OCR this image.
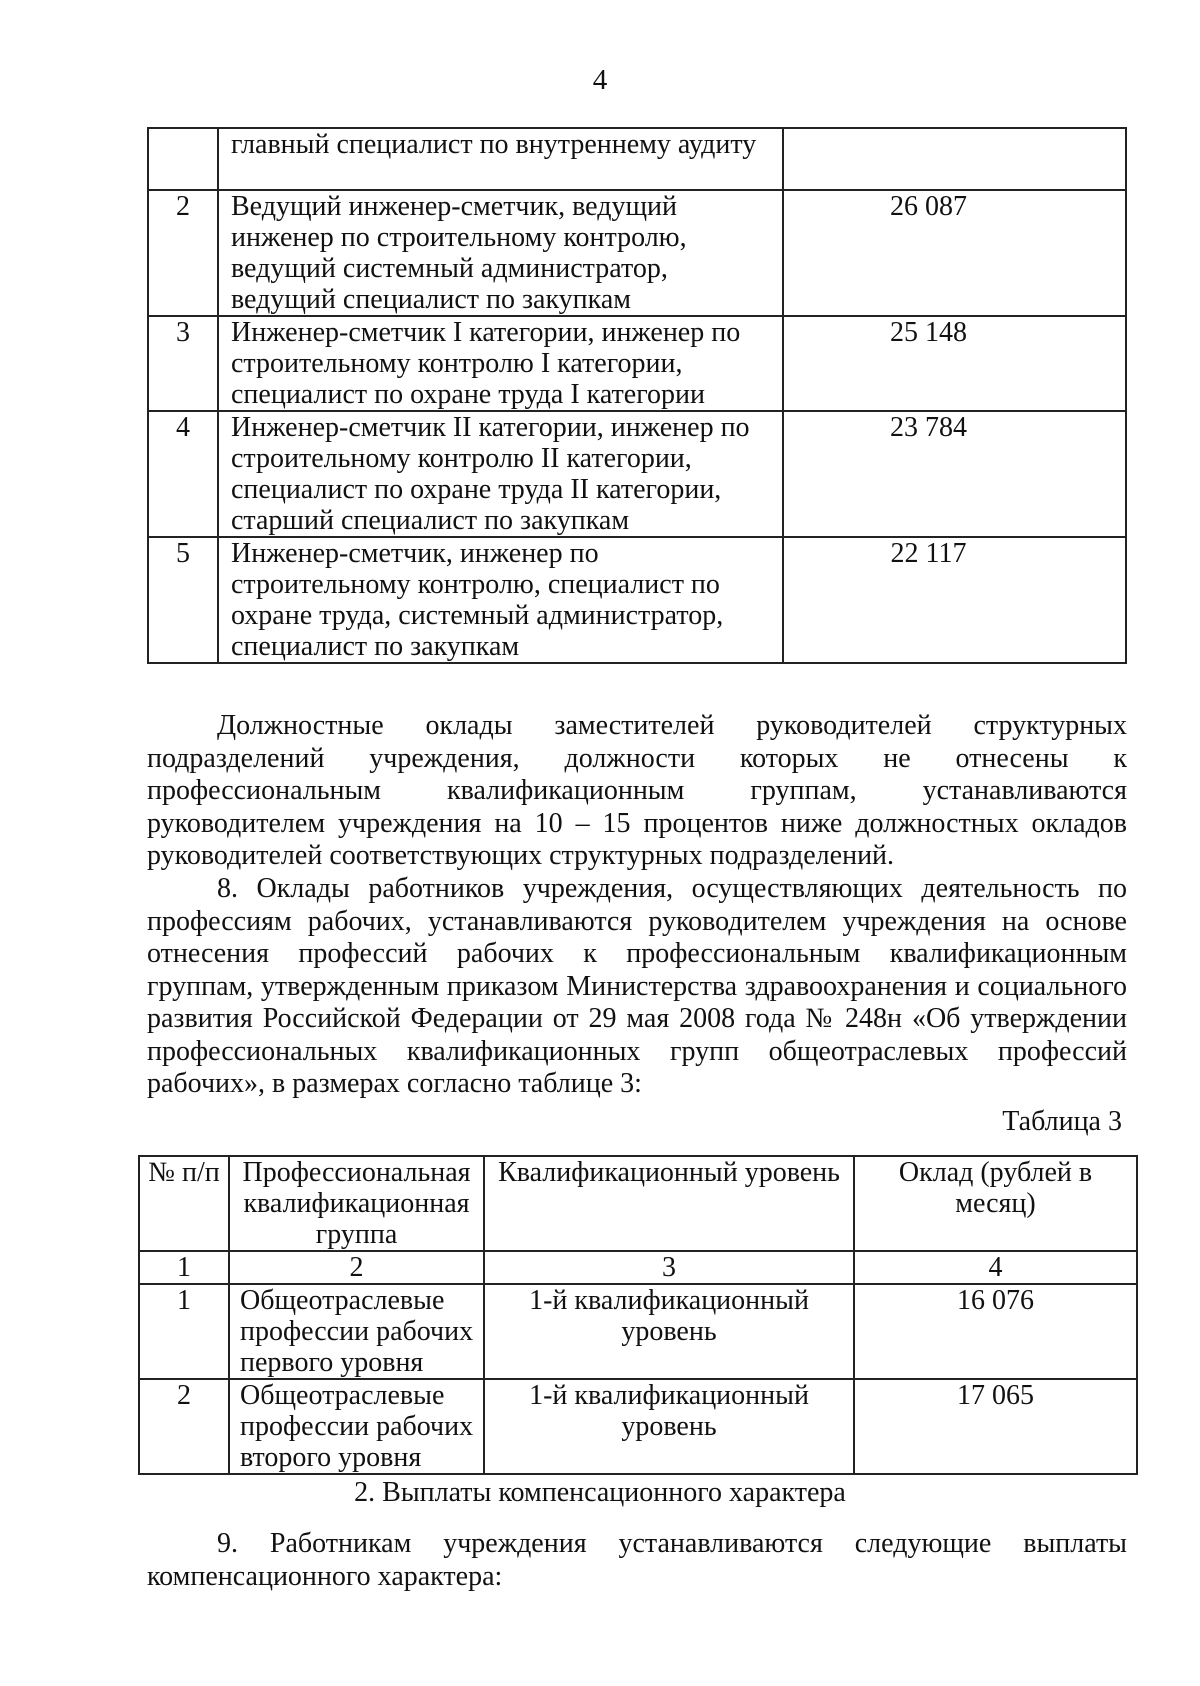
4
	главный специалист по внутреннему аудиту	
2	Ведущий инженер-сметчик, ведущий инженер по строительному контролю, ведущий системный администратор, ведущий специалист по закупкам	26 087
3	Инженер-сметчик I категории, инженер по строительному контролю I категории, специалист по охране труда I категории	25 148
4	Инженер-сметчик II категории, инженер по строительному контролю II категории, специалист по охране труда II категории, старший специалист по закупкам	23 784
5	Инженер-сметчик, инженер по строительному контролю, специалист по охране труда, системный администратор, специалист по закупкам	22 117
Должностные оклады заместителей руководителей структурных подразделений учреждения, должности которых не отнесены к профессиональным квалификационным группам, устанавливаются руководителем учреждения на 10 – 15 процентов ниже должностных окладов руководителей соответствующих структурных подразделений.
8. Оклады работников учреждения, осуществляющих деятельность по профессиям рабочих, устанавливаются руководителем учреждения на основе отнесения профессий рабочих к профессиональным квалификационным группам, утвержденным приказом Министерства здравоохранения и социального развития Российской Федерации от 29 мая 2008 года № 248н «Об утверждении профессиональных квалификационных групп общеотраслевых профессий рабочих», в размерах согласно таблице 3:
Таблица 3
№ п/п	Профессиональная квалификационная группа	Квалификационный уровень	Оклад (рублей в месяц)
1	2	3	4
1	Общеотраслевые профессии рабочих первого уровня	1-й квалификационный уровень	16 076
2	Общеотраслевые профессии рабочих второго уровня	1-й квалификационный уровень	17 065
2. Выплаты компенсационного характера
9. Работникам учреждения устанавливаются следующие выплаты компенсационного характера:
